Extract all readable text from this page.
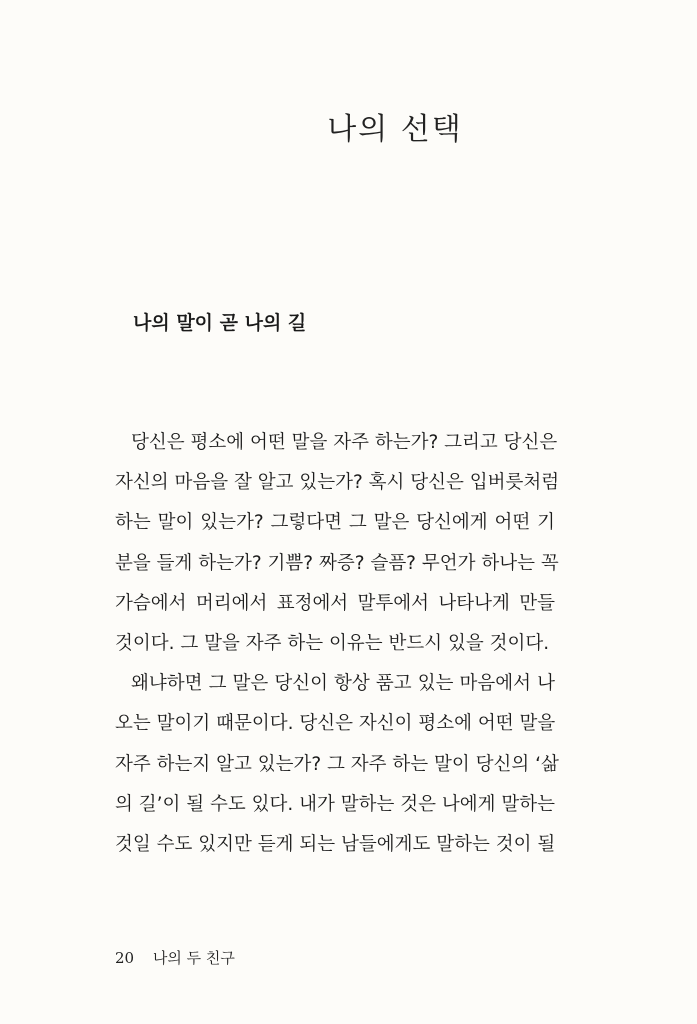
나의 선택
나의 말이 곧 나의 길
당신은 평소에 어떤 말을 자주 하는가? 그리고 당신은
자신의 마음을 잘 알고 있는가? 혹시 당신은 입버릇처럼
하는 말이 있는가? 그렇다면 그 말은 당신에게 어떤 기
분을 들게 하는가? 기쁨? 짜증? 슬픔? 무언가 하나는 꼭
가슴에서 머리에서 표정에서 말투에서 나타나게 만들
것이다. 그 말을 자주 하는 이유는 반드시 있을 것이다.
왜냐하면 그 말은 당신이 항상 품고 있는 마음에서 나
오는 말이기 때문이다. 당신은 자신이 평소에 어떤 말을
자주 하는지 알고 있는가? 그 자주 하는 말이 당신의 ‘삶
의 길’이 될 수도 있다. 내가 말하는 것은 나에게 말하는
것일 수도 있지만 듣게 되는 남들에게도 말하는 것이 될
20 나의 두 친구
